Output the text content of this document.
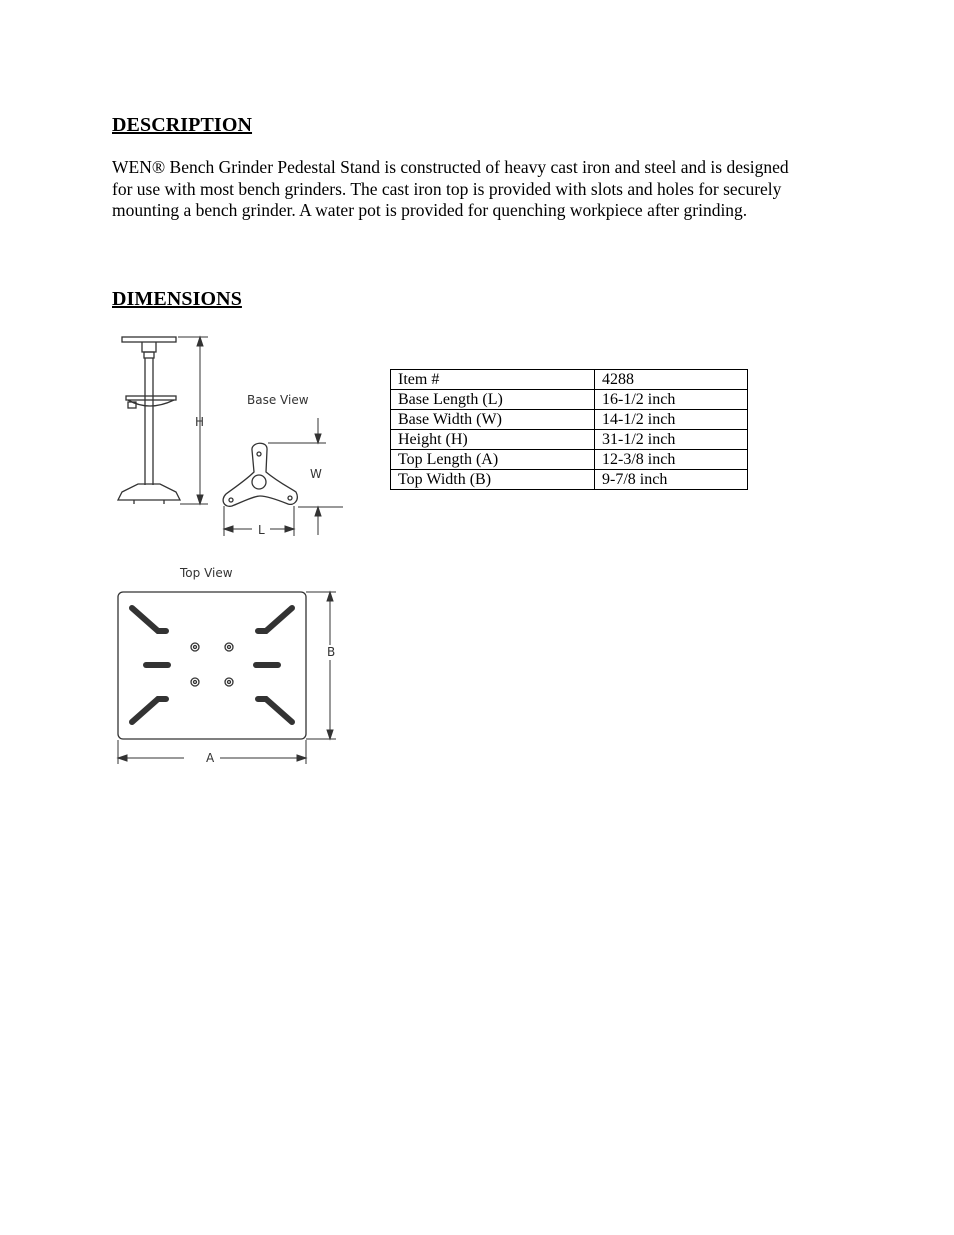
DESCRIPTION

WEN® Bench Grinder Pedestal Stand is constructed of heavy cast iron and steel and is designed
for use with most bench grinders. The cast iron top is provided with slots and holes for securely
mounting a bench grinder. A water pot is provided for quenching workpiece after grinding.

DIMENSIONS
H
Base View
W
L
Top View
B
A
Item #	4288
Base Length (L)	16-1/2 inch
Base Width (W)	14-1/2 inch
Height (H)	31-1/2 inch
Top Length (A)	12-3/8 inch
Top Width (B)	9-7/8 inch
